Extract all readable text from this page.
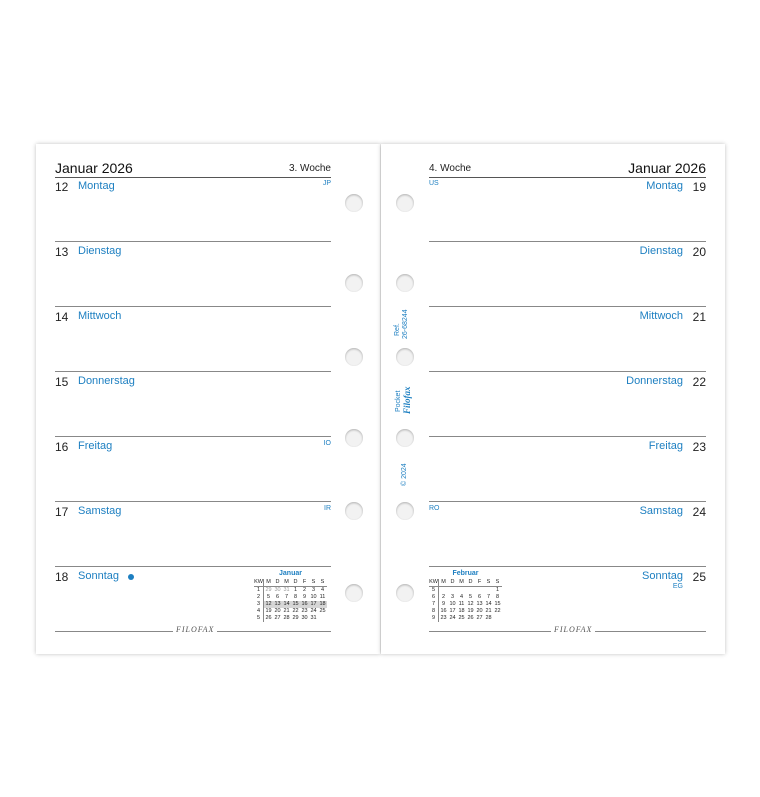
Januar 2026	3. Woche
12 Montag	JP
13 Dienstag
14 Mittwoch
15 Donnerstag
16 Freitag	IO
17 Samstag	IR
18 Sonntag	Januar
KW	M	D	M	D	F	S	S
1	29	30	31	1	2	3	4
2	5	6	7	8	9	10	11
3	12	13	14	15	16	17	18
4	19	20	21	22	23	24	25
5	26	27	28	29	30	31	
FILOFAX
4. Woche	Januar 2026
19
Montag
US
20
Dienstag
21
Mittwoch
22
Donnerstag
23
Freitag
24
Samstag
RO
25
Sonntag
EG
Februar
KW	M	D	M	D	F	S	S
5							1
6	2	3	4	5	6	7	8
7	9	10	11	12	13	14	15
8	16	17	18	19	20	21	22
9	23	24	25	26	27	28	
FILOFAX
Ref. 26-68244
Pocket Filofax
© 2024
